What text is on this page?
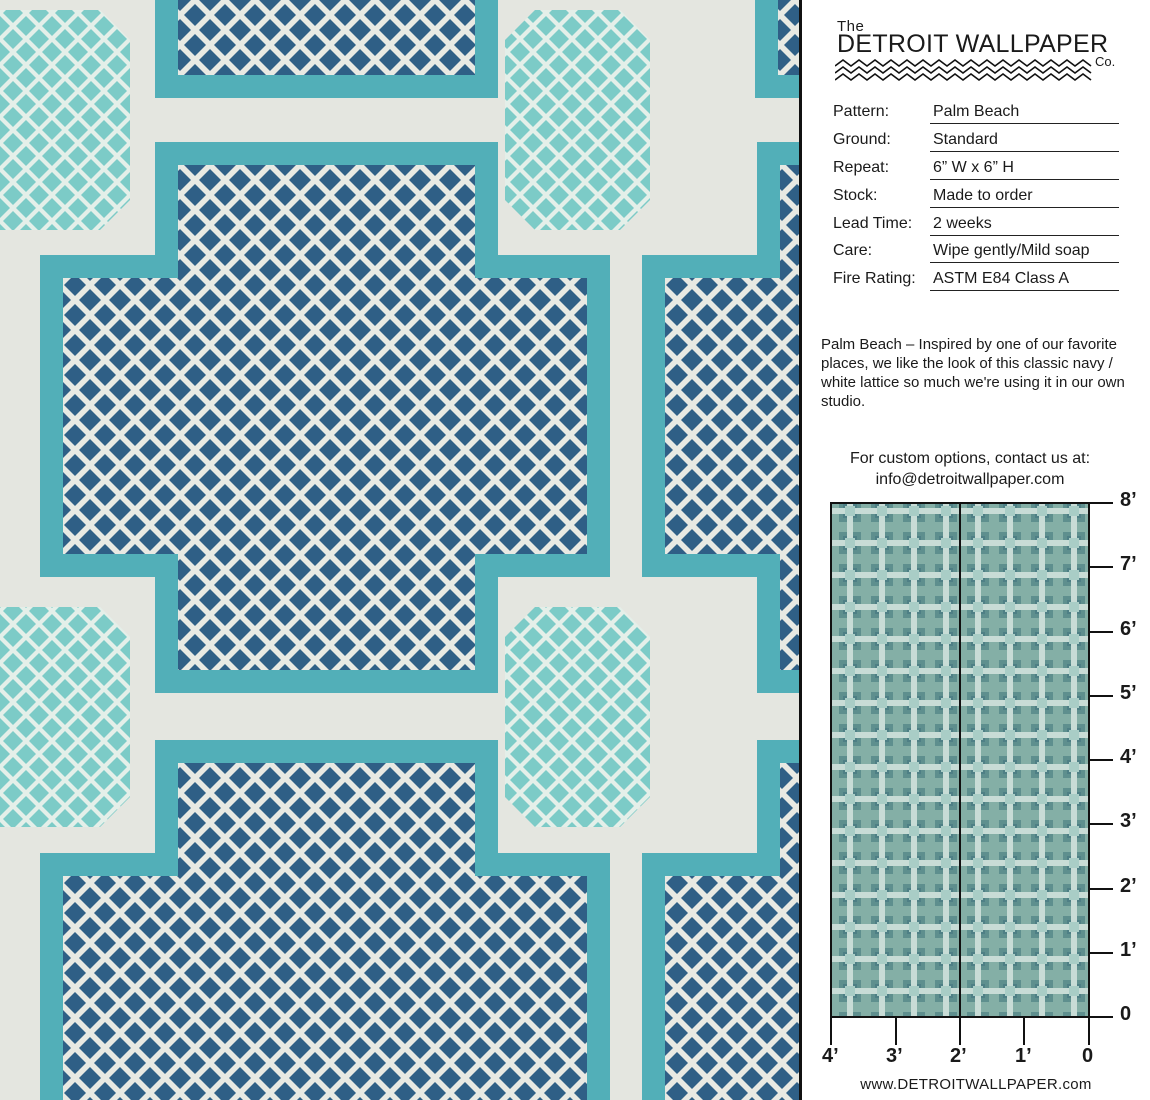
The
DETROIT WALLPAPER
Co.
Pattern:	Palm Beach
Ground:	Standard
Repeat:	6” W x 6” H
Stock:	Made to order
Lead Time: 2 weeks
Care:	Wipe gently/Mild soap
Fire Rating: ASTM E84 Class A
Palm Beach – Inspired by one of our favorite places, we like the look of this classic navy / white lattice so much we're using it in our own studio.
For custom options, contact us at:
info@detroitwallpaper.com
8’
7’
6’
5’
4’
3’
2’
1’
0
4’ 3’ 2’ 1’	0
www.DETROITWALLPAPER.com
